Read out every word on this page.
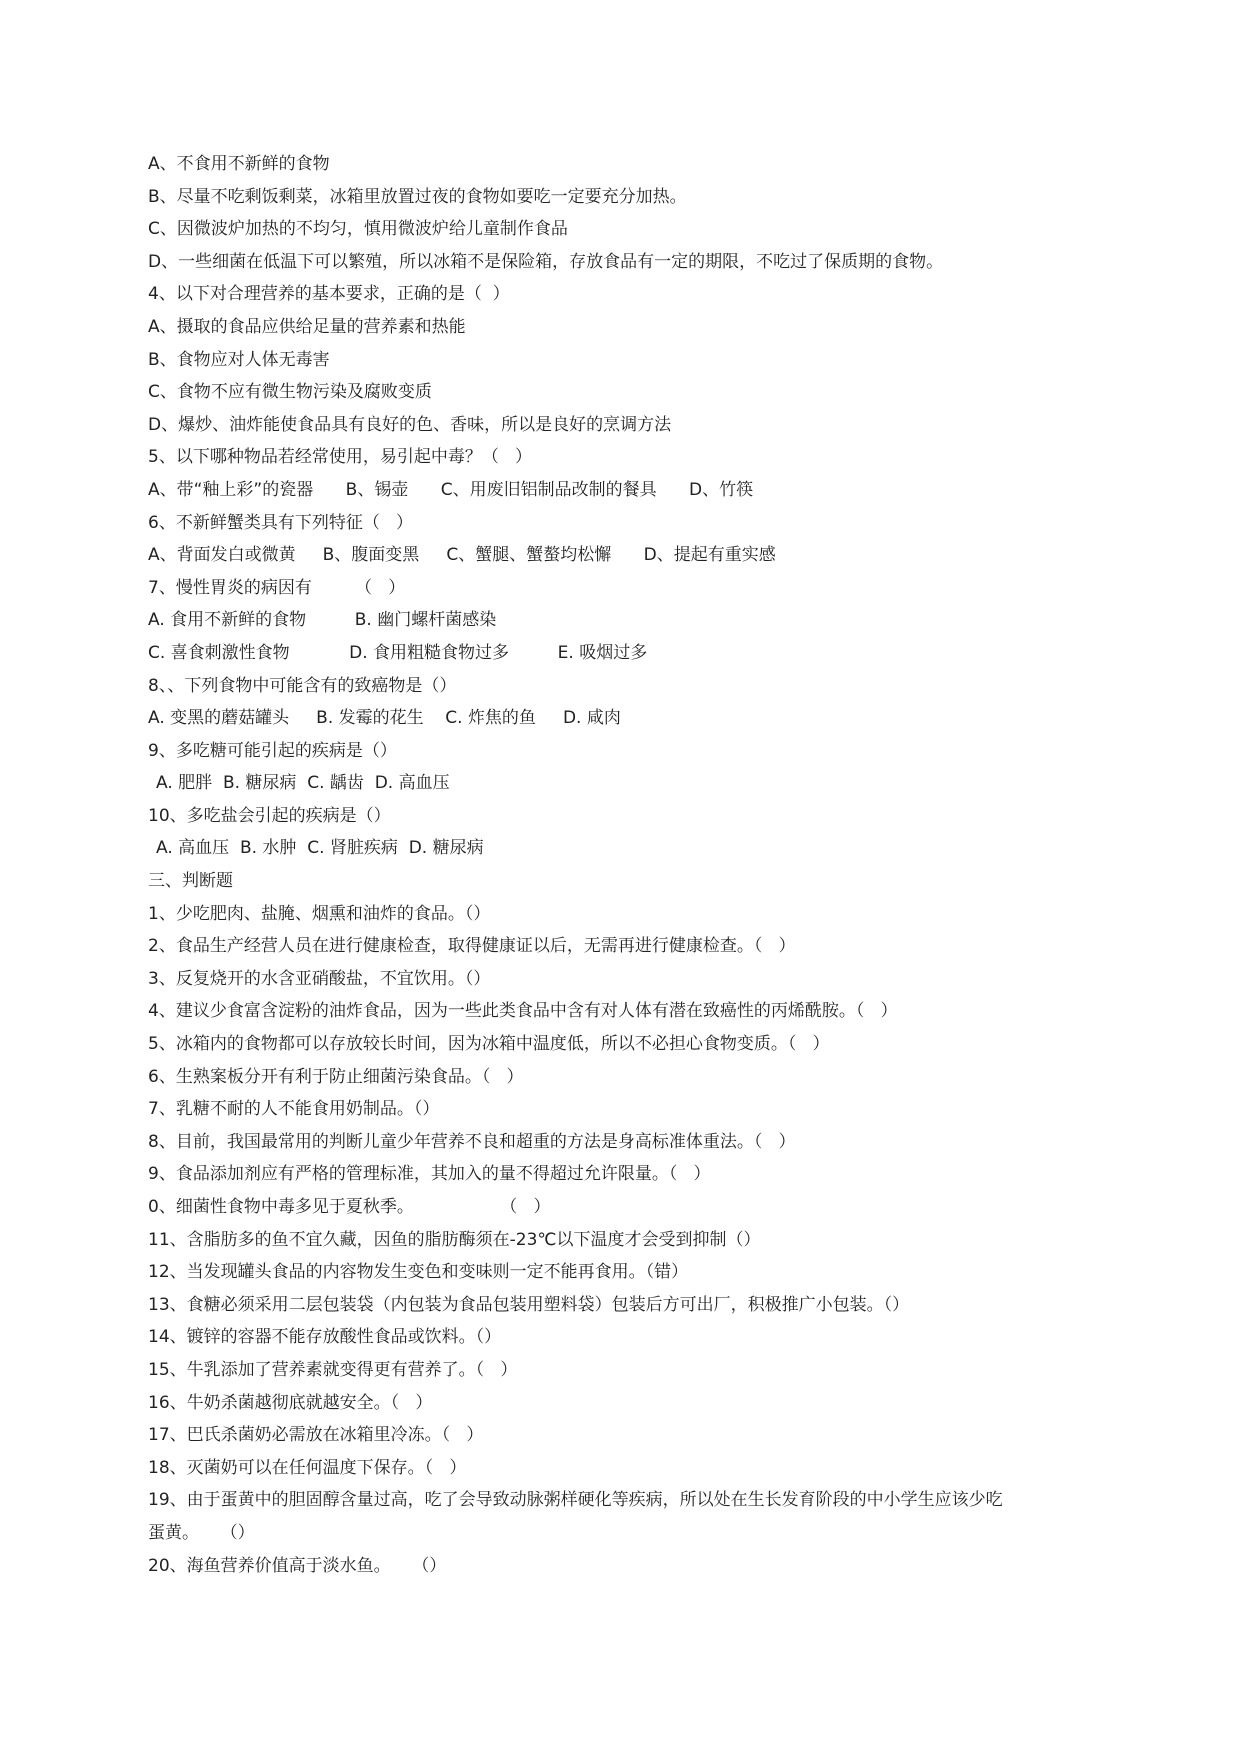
A、不食用不新鲜的食物
B、尽量不吃剩饭剩菜，冰箱里放置过夜的食物如要吃一定要充分加热。
C、因微波炉加热的不均匀，慎用微波炉给儿童制作食品
D、一些细菌在低温下可以繁殖，所以冰箱不是保险箱，存放食品有一定的期限，不吃过了保质期的食物。
4、以下对合理营养的基本要求，正确的是（  ）
A、摄取的食品应供给足量的营养素和热能
B、食物应对人体无毒害
C、食物不应有微生物污染及腐败变质
D、爆炒、油炸能使食品具有良好的色、香味，所以是良好的烹调方法
5、以下哪种物品若经常使用，易引起中毒？（   ）
A、带“釉上彩”的瓷器      B、锡壶      C、用废旧铝制品改制的餐具      D、竹筷
6、不新鲜蟹类具有下列特征（   ）
A、背面发白或微黄     B、腹面变黑     C、蟹腿、蟹螯均松懈      D、提起有重实感
7、慢性胃炎的病因有        （   ）
A. 食用不新鲜的食物         B. 幽门螺杆菌感染
C. 喜食刺激性食物           D. 食用粗糙食物过多         E. 吸烟过多
8、、下列食物中可能含有的致癌物是（）
A. 变黑的蘑菇罐头     B. 发霉的花生    C. 炸焦的鱼     D. 咸肉
9、多吃糖可能引起的疾病是（）
A. 肥胖  B. 糖尿病  C. 龋齿  D. 高血压
10、多吃盐会引起的疾病是（）
A. 高血压  B. 水肿  C. 肾脏疾病  D. 糖尿病
三、判断题
1、少吃肥肉、盐腌、烟熏和油炸的食品。（）
2、食品生产经营人员在进行健康检查，取得健康证以后，无需再进行健康检查。（   ）
3、反复烧开的水含亚硝酸盐，不宜饮用。（）
4、建议少食富含淀粉的油炸食品，因为一些此类食品中含有对人体有潜在致癌性的丙烯酰胺。（   ）
5、冰箱内的食物都可以存放较长时间，因为冰箱中温度低，所以不必担心食物变质。（   ）
6、生熟案板分开有利于防止细菌污染食品。（   ）
7、乳糖不耐的人不能食用奶制品。（）
8、目前，我国最常用的判断儿童少年营养不良和超重的方法是身高标准体重法。（   ）
9、食品添加剂应有严格的管理标准，其加入的量不得超过允许限量。（   ）
0、细菌性食物中毒多见于夏秋季。                （   ）
11、含脂肪多的鱼不宜久藏，因鱼的脂肪酶须在-23℃以下温度才会受到抑制（）
12、当发现罐头食品的内容物发生变色和变味则一定不能再食用。（错）
13、食糖必须采用二层包装袋（内包装为食品包装用塑料袋）包装后方可出厂，积极推广小包装。（）
14、镀锌的容器不能存放酸性食品或饮料。（）
15、牛乳添加了营养素就变得更有营养了。（   ）
16、牛奶杀菌越彻底就越安全。（   ）
17、巴氏杀菌奶必需放在冰箱里冷冻。（   ）
18、灭菌奶可以在任何温度下保存。（   ）
19、由于蛋黄中的胆固醇含量过高，吃了会导致动脉粥样硬化等疾病，所以处在生长发育阶段的中小学生应该少吃
蛋黄。    （）
20、海鱼营养价值高于淡水鱼。    （）
